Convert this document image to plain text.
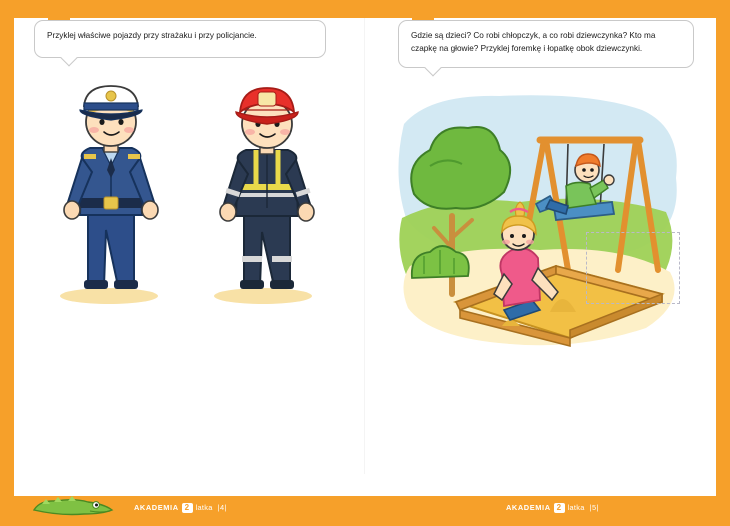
Przyklej właściwe pojazdy przy strażaku i przy policjancie.	Gdzie są dzieci? Co robi chłopczyk, a co robi dziewczynka? Kto ma czapkę na głowie? Przyklej foremkę i łopatkę obok dziewczynki.
AKADEMIA 2 latka |4|	AKADEMIA 2 latka |5|
